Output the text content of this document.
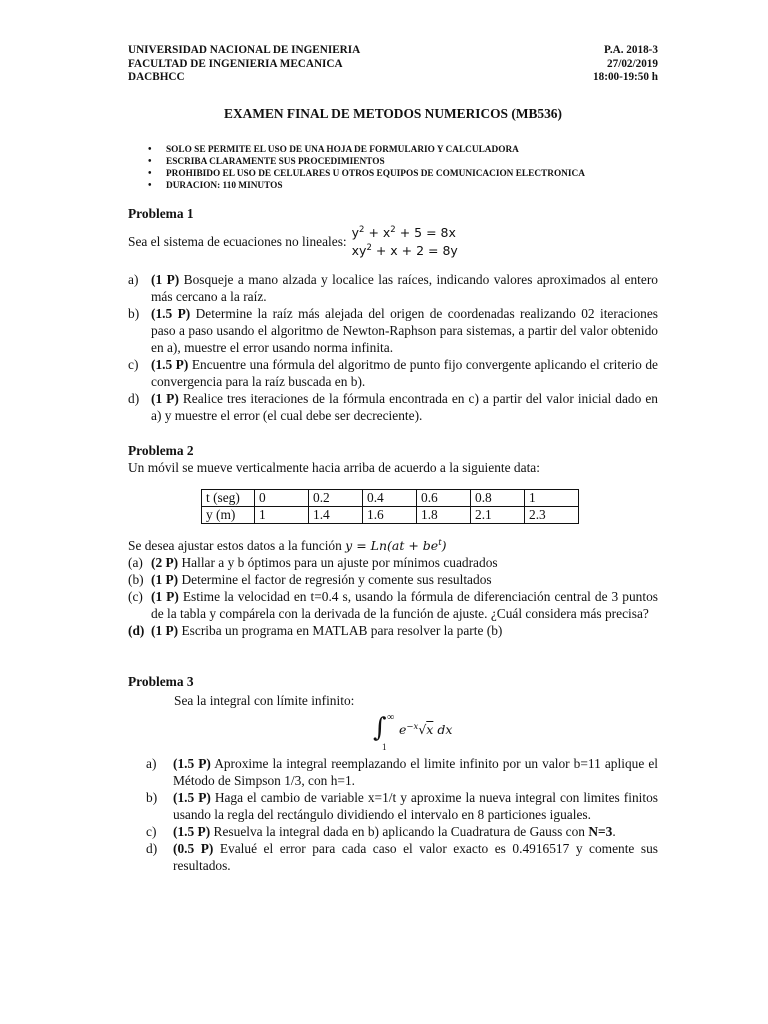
UNIVERSIDAD NACIONAL DE INGENIERIA	P.A. 2018-3
FACULTAD DE INGENIERIA MECANICA	27/02/2019
DACBHCC	18:00-19:50 h
EXAMEN FINAL DE METODOS NUMERICOS (MB536)
• SOLO SE PERMITE EL USO DE UNA HOJA DE FORMULARIO Y CALCULADORA
• ESCRIBA CLARAMENTE SUS PROCEDIMIENTOS
• PROHIBIDO EL USO DE CELULARES U OTROS EQUIPOS DE COMUNICACION ELECTRONICA
• DURACION: 110 MINUTOS
Problema 1
Sea el sistema de ecuaciones no lineales:
$y^2 + x^2 + 5 = 8x$
$xy^2 + x + 2 = 8y$
a) (1 P) Bosqueje a mano alzada y localice las raíces, indicando valores aproximados al entero más cercano a la raíz.
b) (1.5 P) Determine la raíz más alejada del origen de coordenadas realizando 02 iteraciones paso a paso usando el algoritmo de Newton-Raphson para sistemas, a partir del valor obtenido en a), muestre el error usando norma infinita.
c) (1.5 P) Encuentre una fórmula del algoritmo de punto fijo convergente aplicando el criterio de convergencia para la raíz buscada en b).
d) (1 P) Realice tres iteraciones de la fórmula encontrada en c) a partir del valor inicial dado en a) y muestre el error (el cual debe ser decreciente).
Problema 2
Un móvil se mueve verticalmente hacia arriba de acuerdo a la siguiente data:
t (seg)	0	0.2	0.4	0.6	0.8	1
y (m)	1	1.4	1.6	1.8	2.1	2.3
Se desea ajustar estos datos a la función $y = Ln(at + be^t)$
(a) (2 P) Hallar a y b óptimos para un ajuste por mínimos cuadrados
(b) (1 P) Determine el factor de regresión y comente sus resultados
(c) (1 P) Estime la velocidad en t=0.4 s, usando la fórmula de diferenciación central de 3 puntos de la tabla y compárela con la derivada de la función de ajuste. ¿Cuál considera más precisa?
(d) (1 P) Escriba un programa en MATLAB para resolver la parte (b)
Problema 3
Sea la integral con límite infinito:
∫ ∞
1
$e^{-x}√x$ dx
a)	(1.5 P) Aproxime la integral reemplazando el limite infinito por un valor b=11 aplique el Método de Simpson 1/3, con h=1.
b)	(1.5 P) Haga el cambio de variable x=1/t y aproxime la nueva integral con limites finitos usando la regla del rectángulo dividiendo el intervalo en 8 particiones iguales.
c)	(1.5 P) Resuelva la integral dada en b) aplicando la Cuadratura de Gauss con N=3.
d)	(0.5 P) Evalué el error para cada caso el valor exacto es 0.4916517 y comente sus resultados.
